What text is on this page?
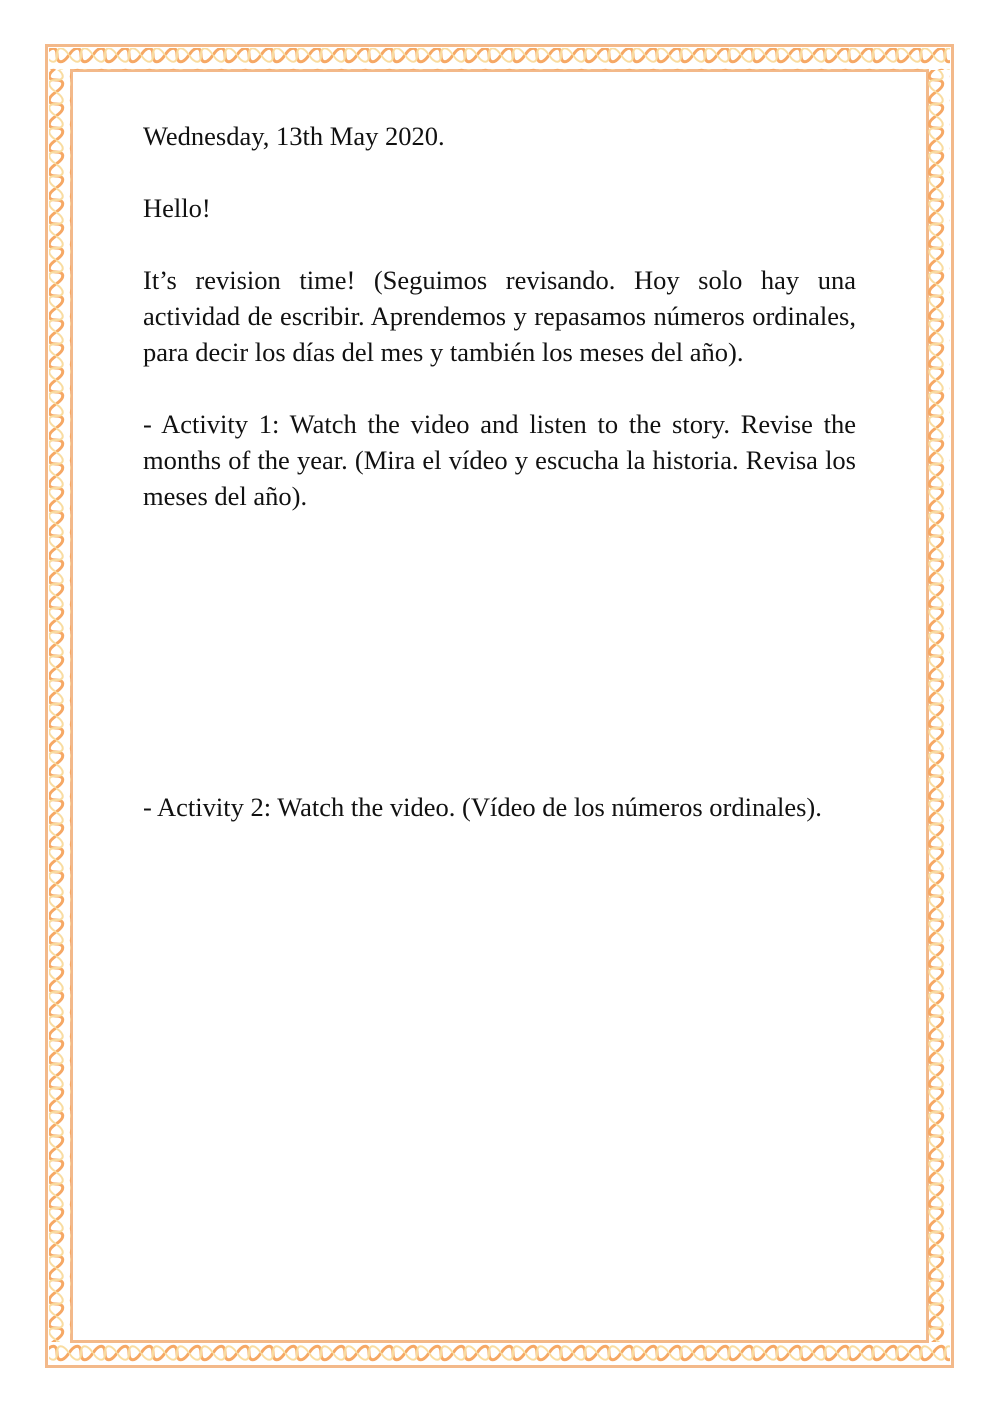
Wednesday, 13th May 2020.

Hello!

It’s revision time! (Seguimos revisando. Hoy solo hay una actividad de escribir. Aprendemos y repasamos números ordinales, para decir los días del mes y también los meses del año).

- Activity 1: Watch the video and listen to the story. Revise the months of the year. (Mira el vídeo y escucha la historia. Revisa los meses del año).

- Activity 2: Watch the video. (Vídeo de los números ordinales).
